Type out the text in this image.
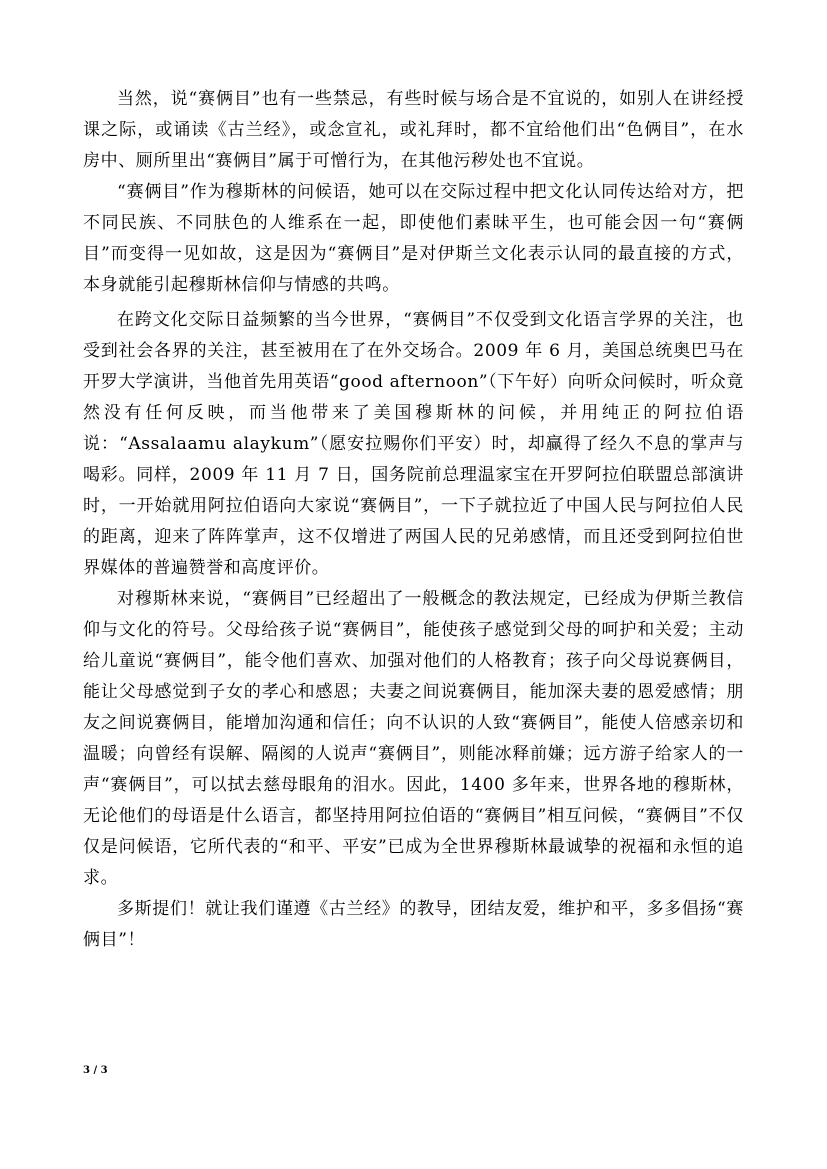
当然，说“赛俩目”也有一些禁忌，有些时候与场合是不宜说的，如别人在讲经授课之际，或诵读《古兰经》，或念宣礼，或礼拜时，都不宜给他们出“色俩目”，在水房中、厕所里出“赛俩目”属于可憎行为，在其他污秽处也不宜说。

“赛俩目”作为穆斯林的问候语，她可以在交际过程中把文化认同传达给对方，把不同民族、不同肤色的人维系在一起，即使他们素昧平生，也可能会因一句“赛俩目”而变得一见如故，这是因为“赛俩目”是对伊斯兰文化表示认同的最直接的方式，本身就能引起穆斯林信仰与情感的共鸣。

在跨文化交际日益频繁的当今世界，“赛俩目”不仅受到文化语言学界的关注，也受到社会各界的关注，甚至被用在了在外交场合。2009 年 6 月，美国总统奥巴马在开罗大学演讲，当他首先用英语“good afternoon”（下午好）向听众问候时，听众竟然没有任何反映，而当他带来了美国穆斯林的问候，并用纯正的阿拉伯语说：“Assalaamu alaykum”（愿安拉赐你们平安）时，却赢得了经久不息的掌声与喝彩。同样，2009 年 11 月 7 日，国务院前总理温家宝在开罗阿拉伯联盟总部演讲时，一开始就用阿拉伯语向大家说“赛俩目”，一下子就拉近了中国人民与阿拉伯人民的距离，迎来了阵阵掌声，这不仅增进了两国人民的兄弟感情，而且还受到阿拉伯世界媒体的普遍赞誉和高度评价。

对穆斯林来说，“赛俩目”已经超出了一般概念的教法规定，已经成为伊斯兰教信仰与文化的符号。父母给孩子说“赛俩目”，能使孩子感觉到父母的呵护和关爱；主动给儿童说“赛俩目”，能令他们喜欢、加强对他们的人格教育；孩子向父母说赛俩目，能让父母感觉到子女的孝心和感恩；夫妻之间说赛俩目，能加深夫妻的恩爱感情；朋友之间说赛俩目，能增加沟通和信任；向不认识的人致“赛俩目”，能使人倍感亲切和温暖；向曾经有误解、隔阂的人说声“赛俩目”，则能冰释前嫌；远方游子给家人的一声“赛俩目”，可以拭去慈母眼角的泪水。因此，1400 多年来，世界各地的穆斯林，无论他们的母语是什么语言，都坚持用阿拉伯语的“赛俩目”相互问候，“赛俩目”不仅仅是问候语，它所代表的“和平、平安”已成为全世界穆斯林最诚挚的祝福和永恒的追求。

多斯提们！就让我们谨遵《古兰经》的教导，团结友爱，维护和平，多多倡扬“赛俩目”！

3 / 3
